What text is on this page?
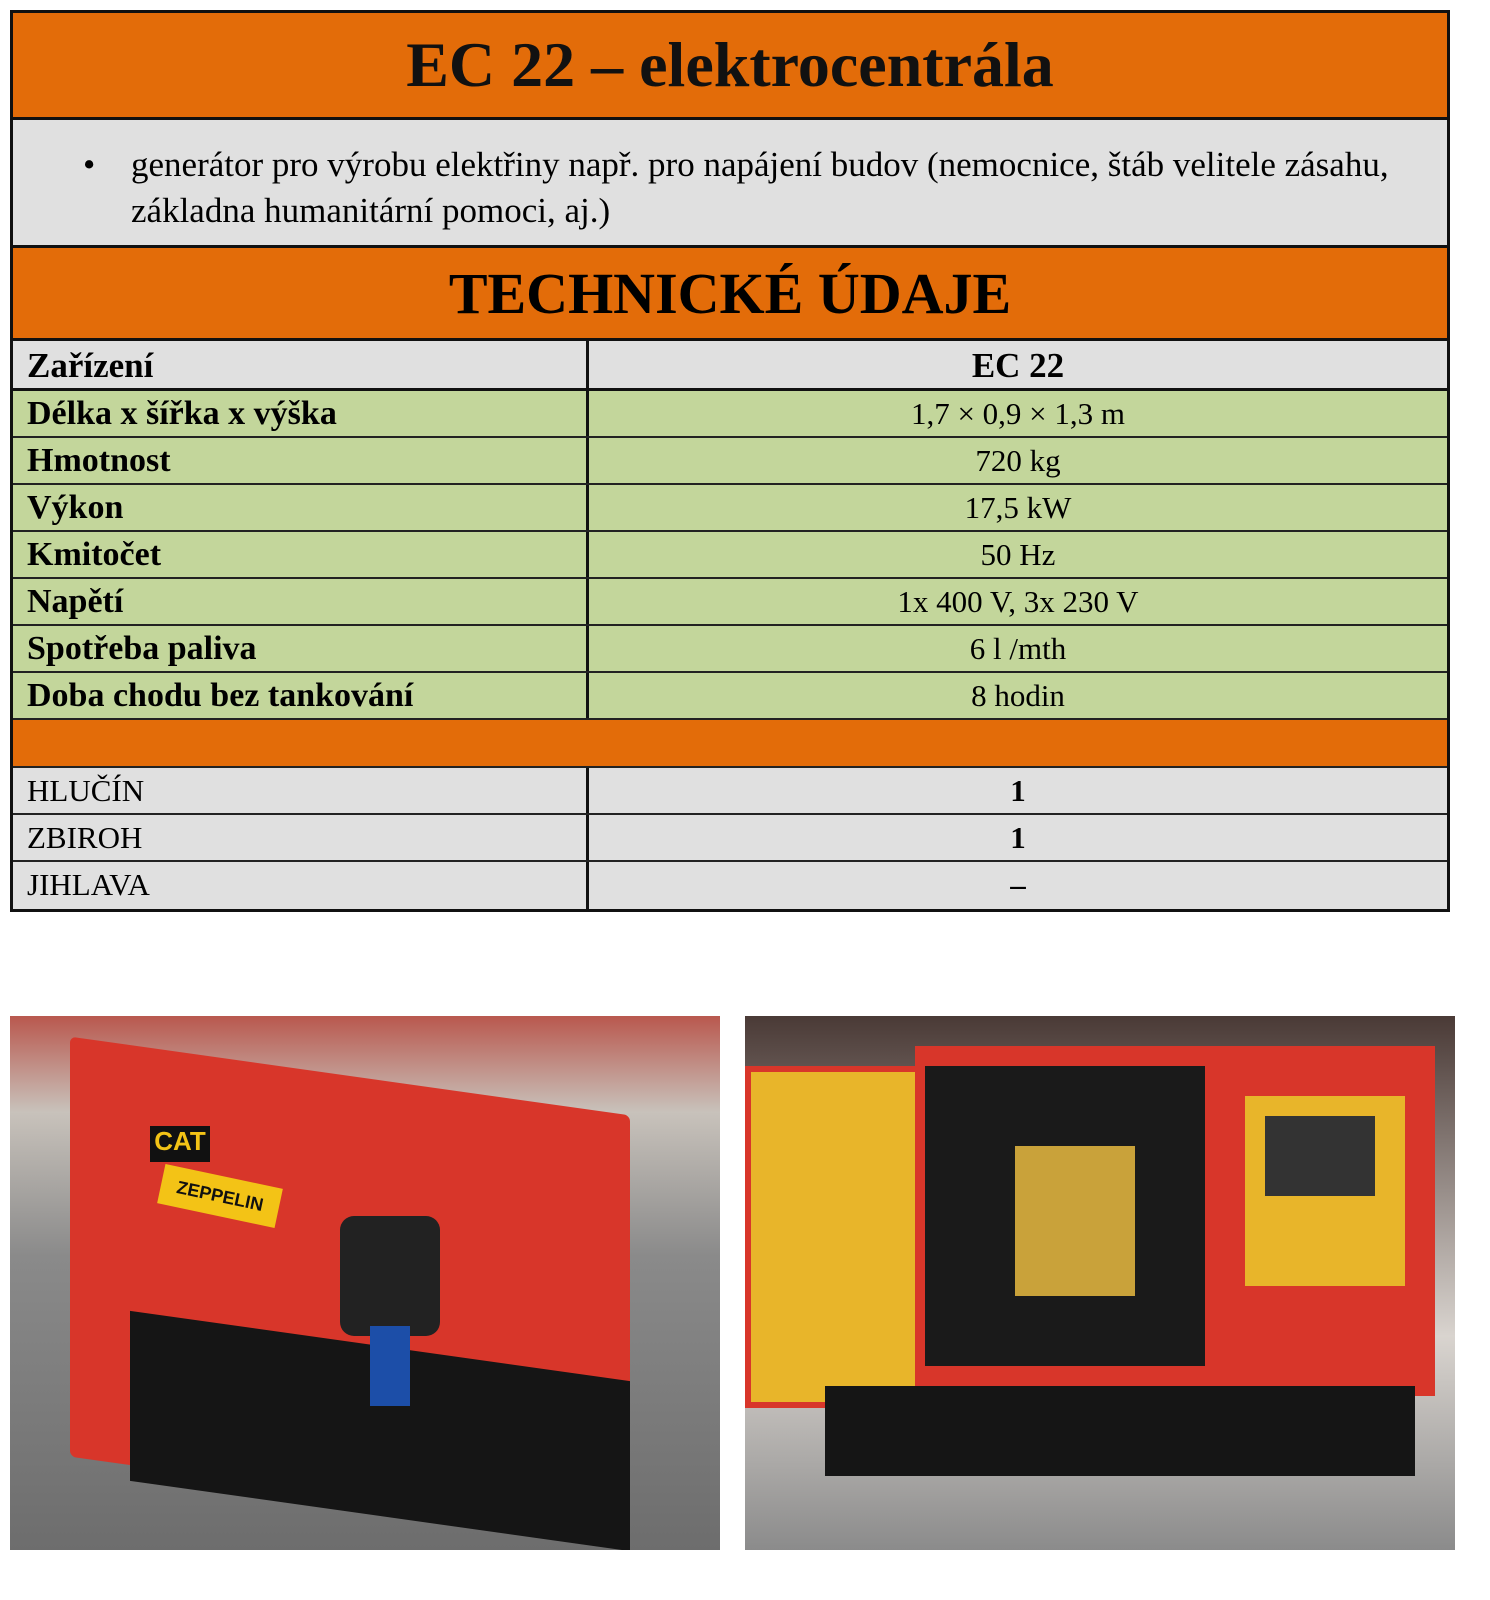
EC 22 – elektrocentrála
•	generátor pro výrobu elektřiny např. pro napájení budov (nemocnice, štáb velitele zásahu, základna humanitární pomoci, aj.)
TECHNICKÉ ÚDAJE
Zařízení	EC 22
Délka x šířka x výška	1,7 × 0,9 × 1,3 m
Hmotnost	720 kg
Výkon	17,5 kW
Kmitočet	50 Hz
Napětí	1x 400 V, 3x 230 V
Spotřeba paliva	6 l /mth
Doba chodu bez tankování	8 hodin
HLUČÍN	1
ZBIROH	1
JIHLAVA	–
CAT
ZEPPELIN
